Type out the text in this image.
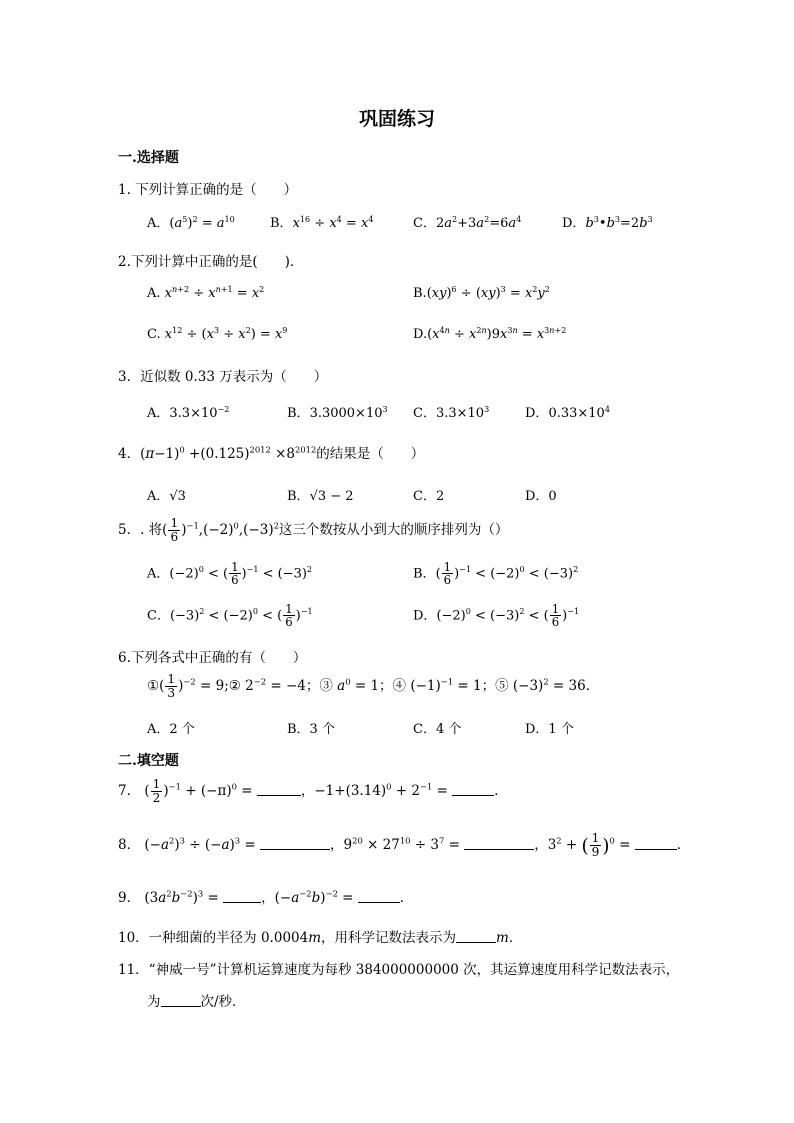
巩固练习
一.选择题
1. 下列计算正确的是（　　）
A．$(a^5)^2 = a^{10}$	B．$x^{16} \div x^4 = x^4$	C．$2a^2+3a^2=6a^4$	D．$b^3•b^3=2b^3$
2.下列计算中正确的是(　　)．
A. $x^{n+2} \div x^{n+1} = x^2$	$B.(xy)^6 \div (xy)^3 = x^2y^2$
C. $x^{12} \div (x^3 \div x^2) = x^9$	$D.(x^{4n} \div x^{2n})9x^{3n} = x^{3n+2}$
3．近似数 0.33 万表示为（　　）
A．$3.3\times 10^{-2}$	B．$3.3000\times 10^3$ C．$3.3\times 10^3$	D．$0.33\times 10^4$
4．$(\pi-1)^0 +(0.125)^{2012} \times 8^{2012}$的结果是（　　）
A．√3	B．√3 − 2	C．2	D．0
5．. 将( $\frac{1}{6} )^{-1},(-2)^0,(-3)^2$这三个数按从小到大的顺序排列为（）
A．$(-2)^0$ < ( $\frac{1}{6} )^{-1} < (-3)^2$	B．( $\frac{1}{6} )^{-1} < (-2)^0 < (-3)^2$
C．$(-3)^2 < (-2)^0$ < ( $\frac{1}{6} )^{-1}$	D．$(-2)^0 < (-3)^2$ < ( $\frac{1}{6} )^{-1}$
6.下列各式中正确的有（　　）
①( $\frac{1}{3} )^{-2}$ = 9;② $2^{-2} = -4$；③ $a^0 = 1$；④ $(-1)^{-1} = 1$；⑤ $(-3)^2 = 36$．
A．2 个	B．3 个	C．4 个	D．1 个
二.填空题
7． ( $\frac{1}{2} )^{-1} + (-\pi)^0$ =	，$-1+(3.14)^0 + 2^{-1}$ =	．
8． $(-a^2)^3 \div (-a)^3$ =	，$9^{20} \times 27^{10} \div 3^7$ =	，$3^2$ + ( $\frac{1}{9} )^0$ =	．
9． $(3a^2b^{-2})^3$ =	，$(-a^{-2}b)^{-2}$ =	．
10．一种细菌的半径为 0.0004m，用科学记数法表示为	m．
11．“神威一号”计算机运算速度为每秒 384000000000 次，其运算速度用科学记数法表示，
为	次/秒．
